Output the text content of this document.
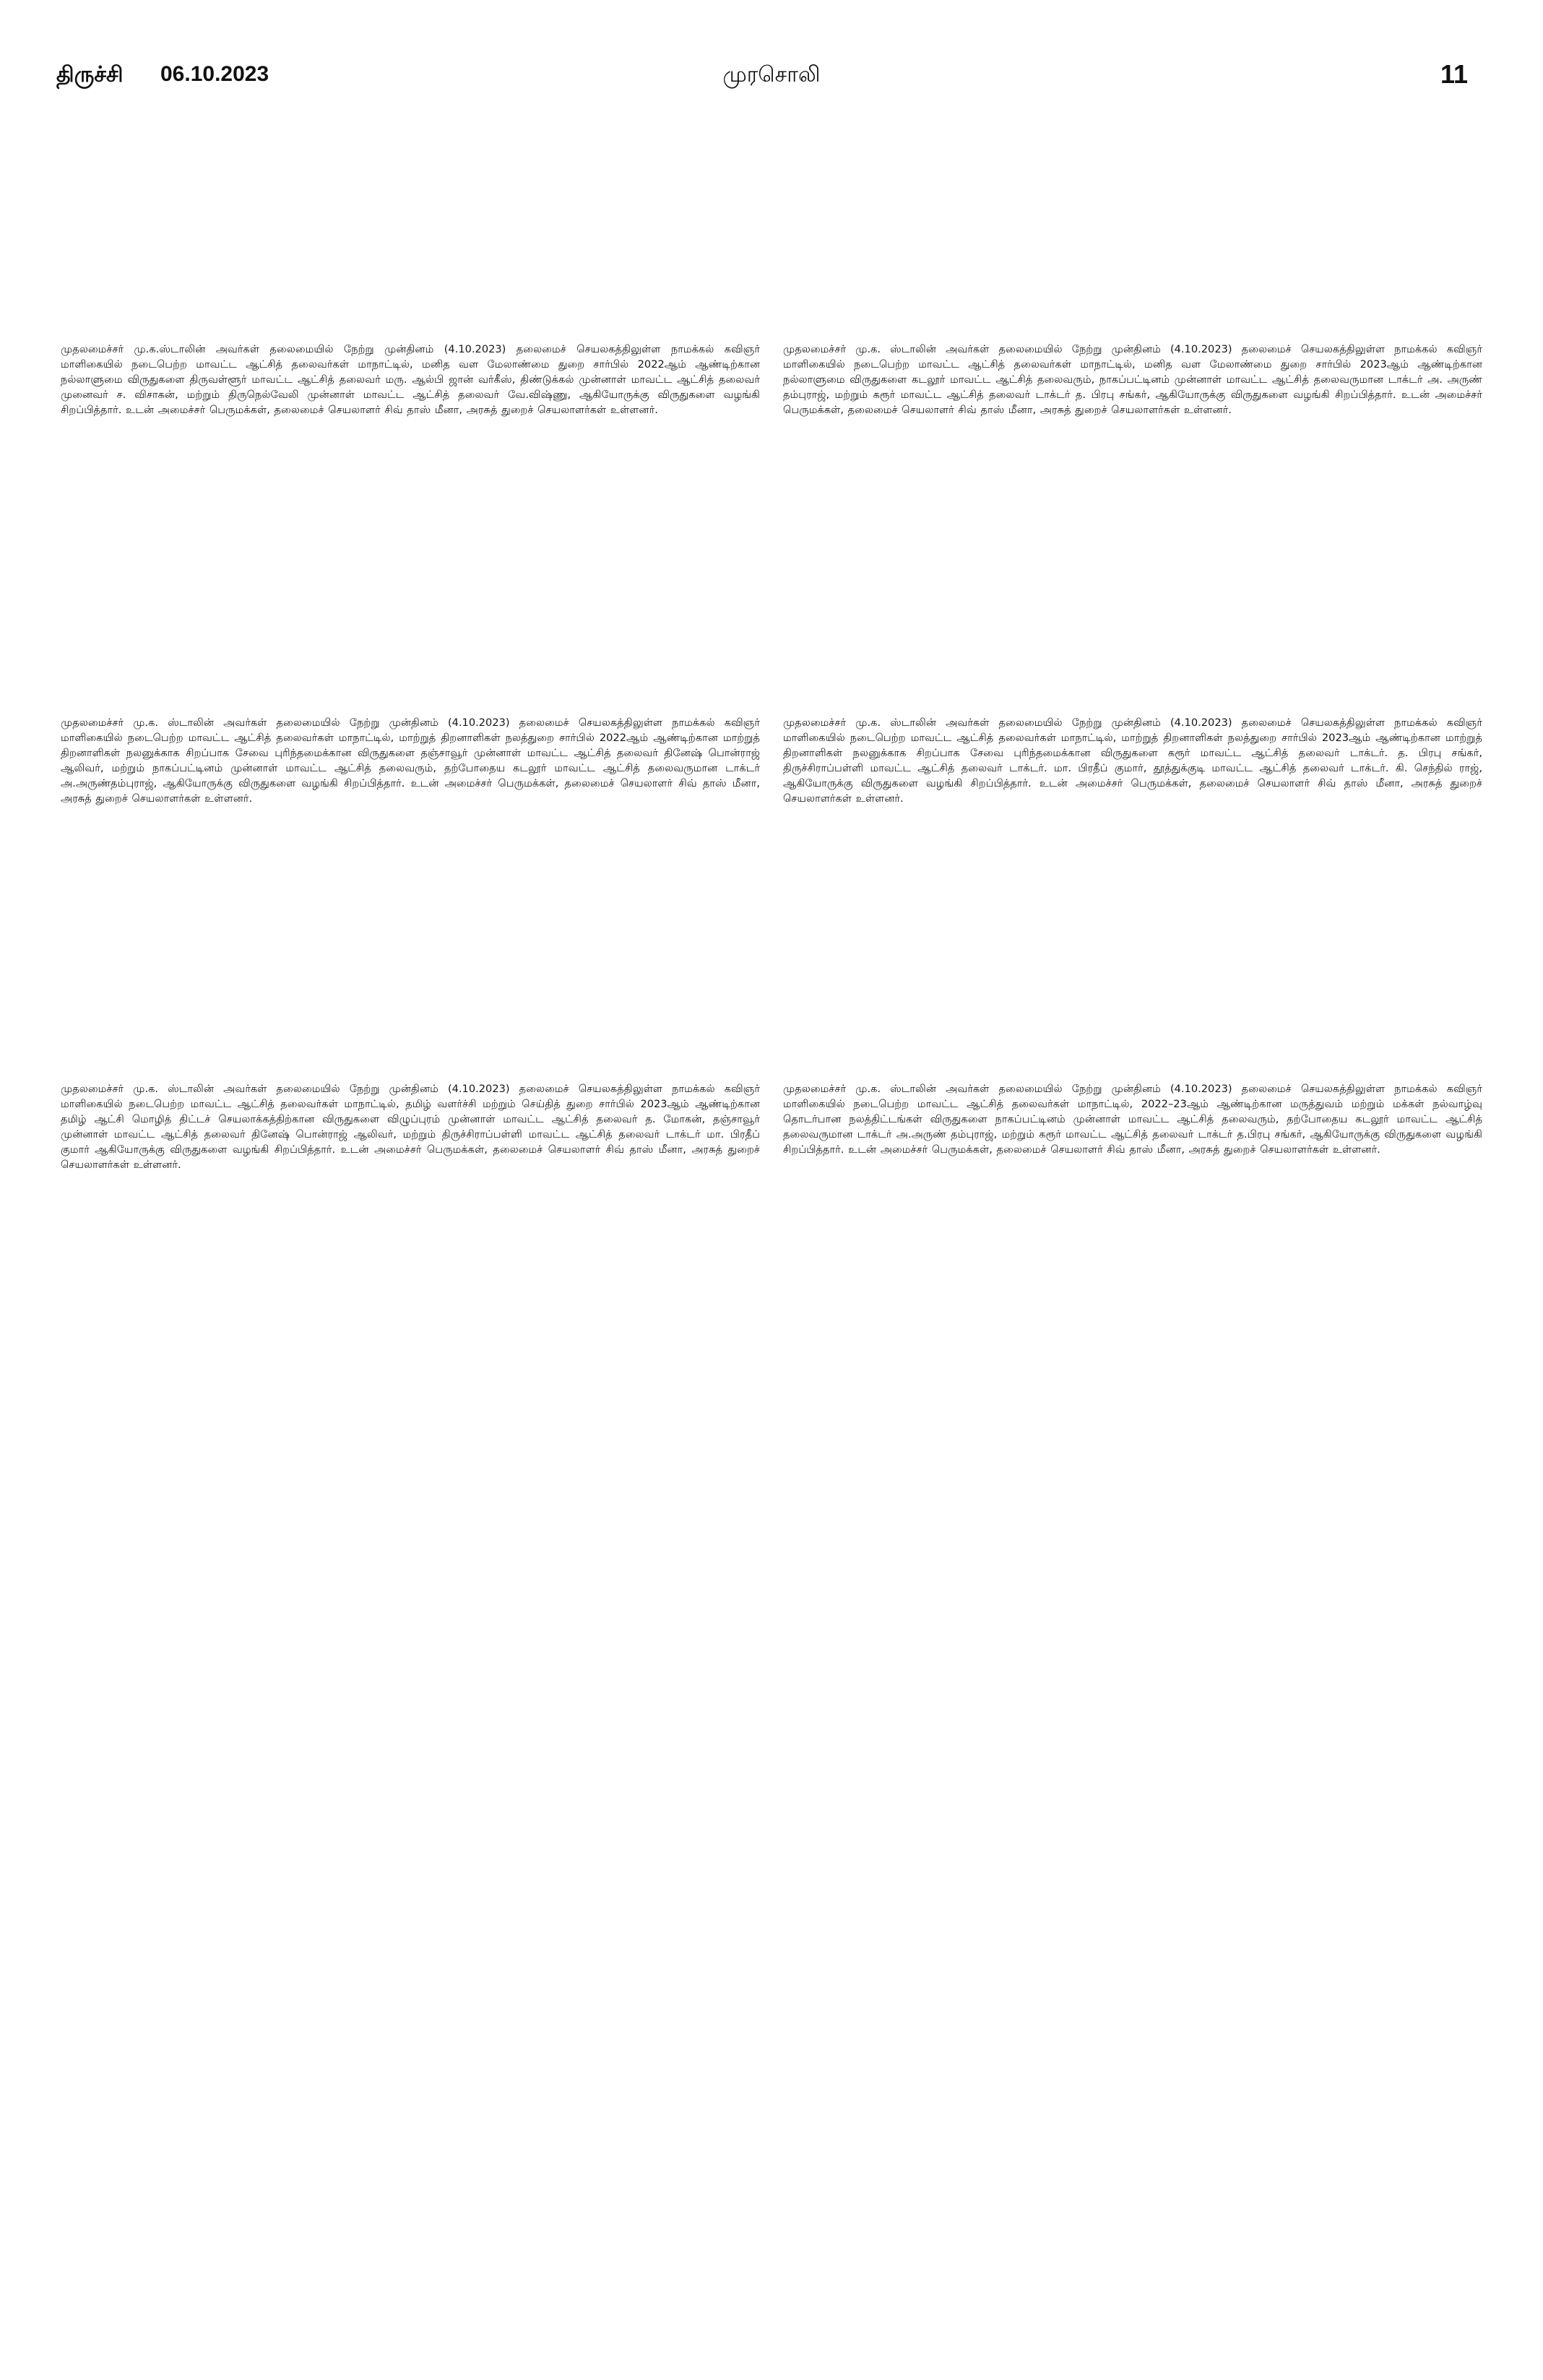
திருச்சி 06.10.2023	முரசொலி	11

முதலமைச்சர் மு.க.ஸ்டாலின் அவர்கள் தலைமையில் நேற்று முன்தினம் (4.10.2023) தலைமைச் செயலகத்திலுள்ள நாமக்கல் கவிஞர் மாளிகையில் நடைபெற்ற மாவட்ட ஆட்சித் தலைவர்கள் மாநாட்டில், மனித வள மேலாண்மை துறை சார்பில் 2022ஆம் ஆண்டிற்கான நல்லாளுமை விருதுகளை திருவள்ளூர் மாவட்ட ஆட்சித் தலைவர் மரு. ஆல்பி ஜான் வர்கீஸ், திண்டுக்கல் முன்னாள் மாவட்ட ஆட்சித் தலைவர் முனைவர் ச. விசாகன், மற்றும் திருநெல்வேலி முன்னாள் மாவட்ட ஆட்சித் தலைவர் வே.விஷ்ணு, ஆகியோருக்கு விருதுகளை வழங்கி சிறப்பித்தார். உடன் அமைச்சர் பெருமக்கள், தலைமைச் செயலாளர் சிவ் தாஸ் மீனா, அரசுத் துறைச் செயலாளர்கள் உள்ளனர்.

முதலமைச்சர் மு.க. ஸ்டாலின் அவர்கள் தலைமையில் நேற்று முன்தினம் (4.10.2023) தலைமைச் செயலகத்திலுள்ள நாமக்கல் கவிஞர் மாளிகையில் நடைபெற்ற மாவட்ட ஆட்சித் தலைவர்கள் மாநாட்டில், மனித வள மேலாண்மை துறை சார்பில் 2023ஆம் ஆண்டிற்கான நல்லாளுமை விருதுகளை கடலூர் மாவட்ட ஆட்சித் தலைவரும், நாகப்பட்டினம் முன்னாள் மாவட்ட ஆட்சித் தலைவருமான டாக்டர் அ. அருண் தம்புராஜ், மற்றும் கரூர் மாவட்ட ஆட்சித் தலைவர் டாக்டர் த. பிரபு சங்கர், ஆகியோருக்கு விருதுகளை வழங்கி சிறப்பித்தார். உடன் அமைச்சர் பெருமக்கள், தலைமைச் செயலாளர் சிவ் தாஸ் மீனா, அரசுத் துறைச் செயலாளர்கள் உள்ளனர்.

முதலமைச்சர் மு.க. ஸ்டாலின் அவர்கள் தலைமையில் நேற்று முன்தினம் (4.10.2023) தலைமைச் செயலகத்திலுள்ள நாமக்கல் கவிஞர் மாளிகையில் நடைபெற்ற மாவட்ட ஆட்சித் தலைவர்கள் மாநாட்டில், மாற்றுத் திறனாளிகள் நலத்துறை சார்பில் 2022ஆம் ஆண்டிற்கான மாற்றுத் திறனாளிகள் நலனுக்காக சிறப்பாக சேவை புரிந்தமைக்கான விருதுகளை தஞ்சாவூர் முன்னாள் மாவட்ட ஆட்சித் தலைவர் தினேஷ் பொன்ராஜ் ஆலிவர், மற்றும் நாகப்பட்டினம் முன்னாள் மாவட்ட ஆட்சித் தலைவரும், தற்போதைய கடலூர் மாவட்ட ஆட்சித் தலைவருமான டாக்டர் அ.அருண்தம்புராஜ், ஆகியோருக்கு விருதுகளை வழங்கி சிறப்பித்தார். உடன் அமைச்சர் பெருமக்கள், தலைமைச் செயலாளர் சிவ் தாஸ் மீனா, அரசுத் துறைச் செயலாளர்கள் உள்ளனர்.

முதலமைச்சர் மு.க. ஸ்டாலின் அவர்கள் தலைமையில் நேற்று முன்தினம் (4.10.2023) தலைமைச் செயலகத்திலுள்ள நாமக்கல் கவிஞர் மாளிகையில் நடைபெற்ற மாவட்ட ஆட்சித் தலைவர்கள் மாநாட்டில், மாற்றுத் திறனாளிகள் நலத்துறை சார்பில் 2023ஆம் ஆண்டிற்கான மாற்றுத் திறனாளிகள் நலனுக்காக சிறப்பாக சேவை புரிந்தமைக்கான விருதுகளை கரூர் மாவட்ட ஆட்சித் தலைவர் டாக்டர். த. பிரபு சங்கர், திருச்சிராப்பள்ளி மாவட்ட ஆட்சித் தலைவர் டாக்டர். மா. பிரதீப் குமார், தூத்துக்குடி மாவட்ட ஆட்சித் தலைவர் டாக்டர். கி. செந்தில் ராஜ், ஆகியோருக்கு விருதுகளை வழங்கி சிறப்பித்தார். உடன் அமைச்சர் பெருமக்கள், தலைமைச் செயலாளர் சிவ் தாஸ் மீனா, அரசுத் துறைச் செயலாளர்கள் உள்ளனர்.

முதலமைச்சர் மு.க. ஸ்டாலின் அவர்கள் தலைமையில் நேற்று முன்தினம் (4.10.2023) தலைமைச் செயலகத்திலுள்ள நாமக்கல் கவிஞர் மாளிகையில் நடைபெற்ற மாவட்ட ஆட்சித் தலைவர்கள் மாநாட்டில், தமிழ் வளர்ச்சி மற்றும் செய்தித் துறை சார்பில் 2023ஆம் ஆண்டிற்கான தமிழ் ஆட்சி மொழித் திட்டச் செயலாக்கத்திற்கான விருதுகளை விழுப்புரம் முன்னாள் மாவட்ட ஆட்சித் தலைவர் த. மோகன், தஞ்சாவூர் முன்னாள் மாவட்ட ஆட்சித் தலைவர் தினேஷ் பொன்ராஜ் ஆலிவர், மற்றும் திருச்சிராப்பள்ளி மாவட்ட ஆட்சித் தலைவர் டாக்டர் மா. பிரதீப் குமார் ஆகியோருக்கு விருதுகளை வழங்கி சிறப்பித்தார். உடன் அமைச்சர் பெருமக்கள், தலைமைச் செயலாளர் சிவ் தாஸ் மீனா, அரசுத் துறைச் செயலாளர்கள் உள்ளனர்.

முதலமைச்சர் மு.க. ஸ்டாலின் அவர்கள் தலைமையில் நேற்று முன்தினம் (4.10.2023) தலைமைச் செயலகத்திலுள்ள நாமக்கல் கவிஞர் மாளிகையில் நடைபெற்ற மாவட்ட ஆட்சித் தலைவர்கள் மாநாட்டில், 2022–23ஆம் ஆண்டிற்கான மருத்துவம் மற்றும் மக்கள் நல்வாழ்வு தொடர்பான நலத்திட்டங்கள் விருதுகளை நாகப்பட்டினம் முன்னாள் மாவட்ட ஆட்சித் தலைவரும், தற்போதைய கடலூர் மாவட்ட ஆட்சித் தலைவருமான டாக்டர் அ.அருண் தம்புராஜ், மற்றும் கரூர் மாவட்ட ஆட்சித் தலைவர் டாக்டர் த.பிரபு சங்கர், ஆகியோருக்கு விருதுகளை வழங்கி சிறப்பித்தார். உடன் அமைச்சர் பெருமக்கள், தலைமைச் செயலாளர் சிவ் தாஸ் மீனா, அரசுத் துறைச் செயலாளர்கள் உள்ளனர்.
